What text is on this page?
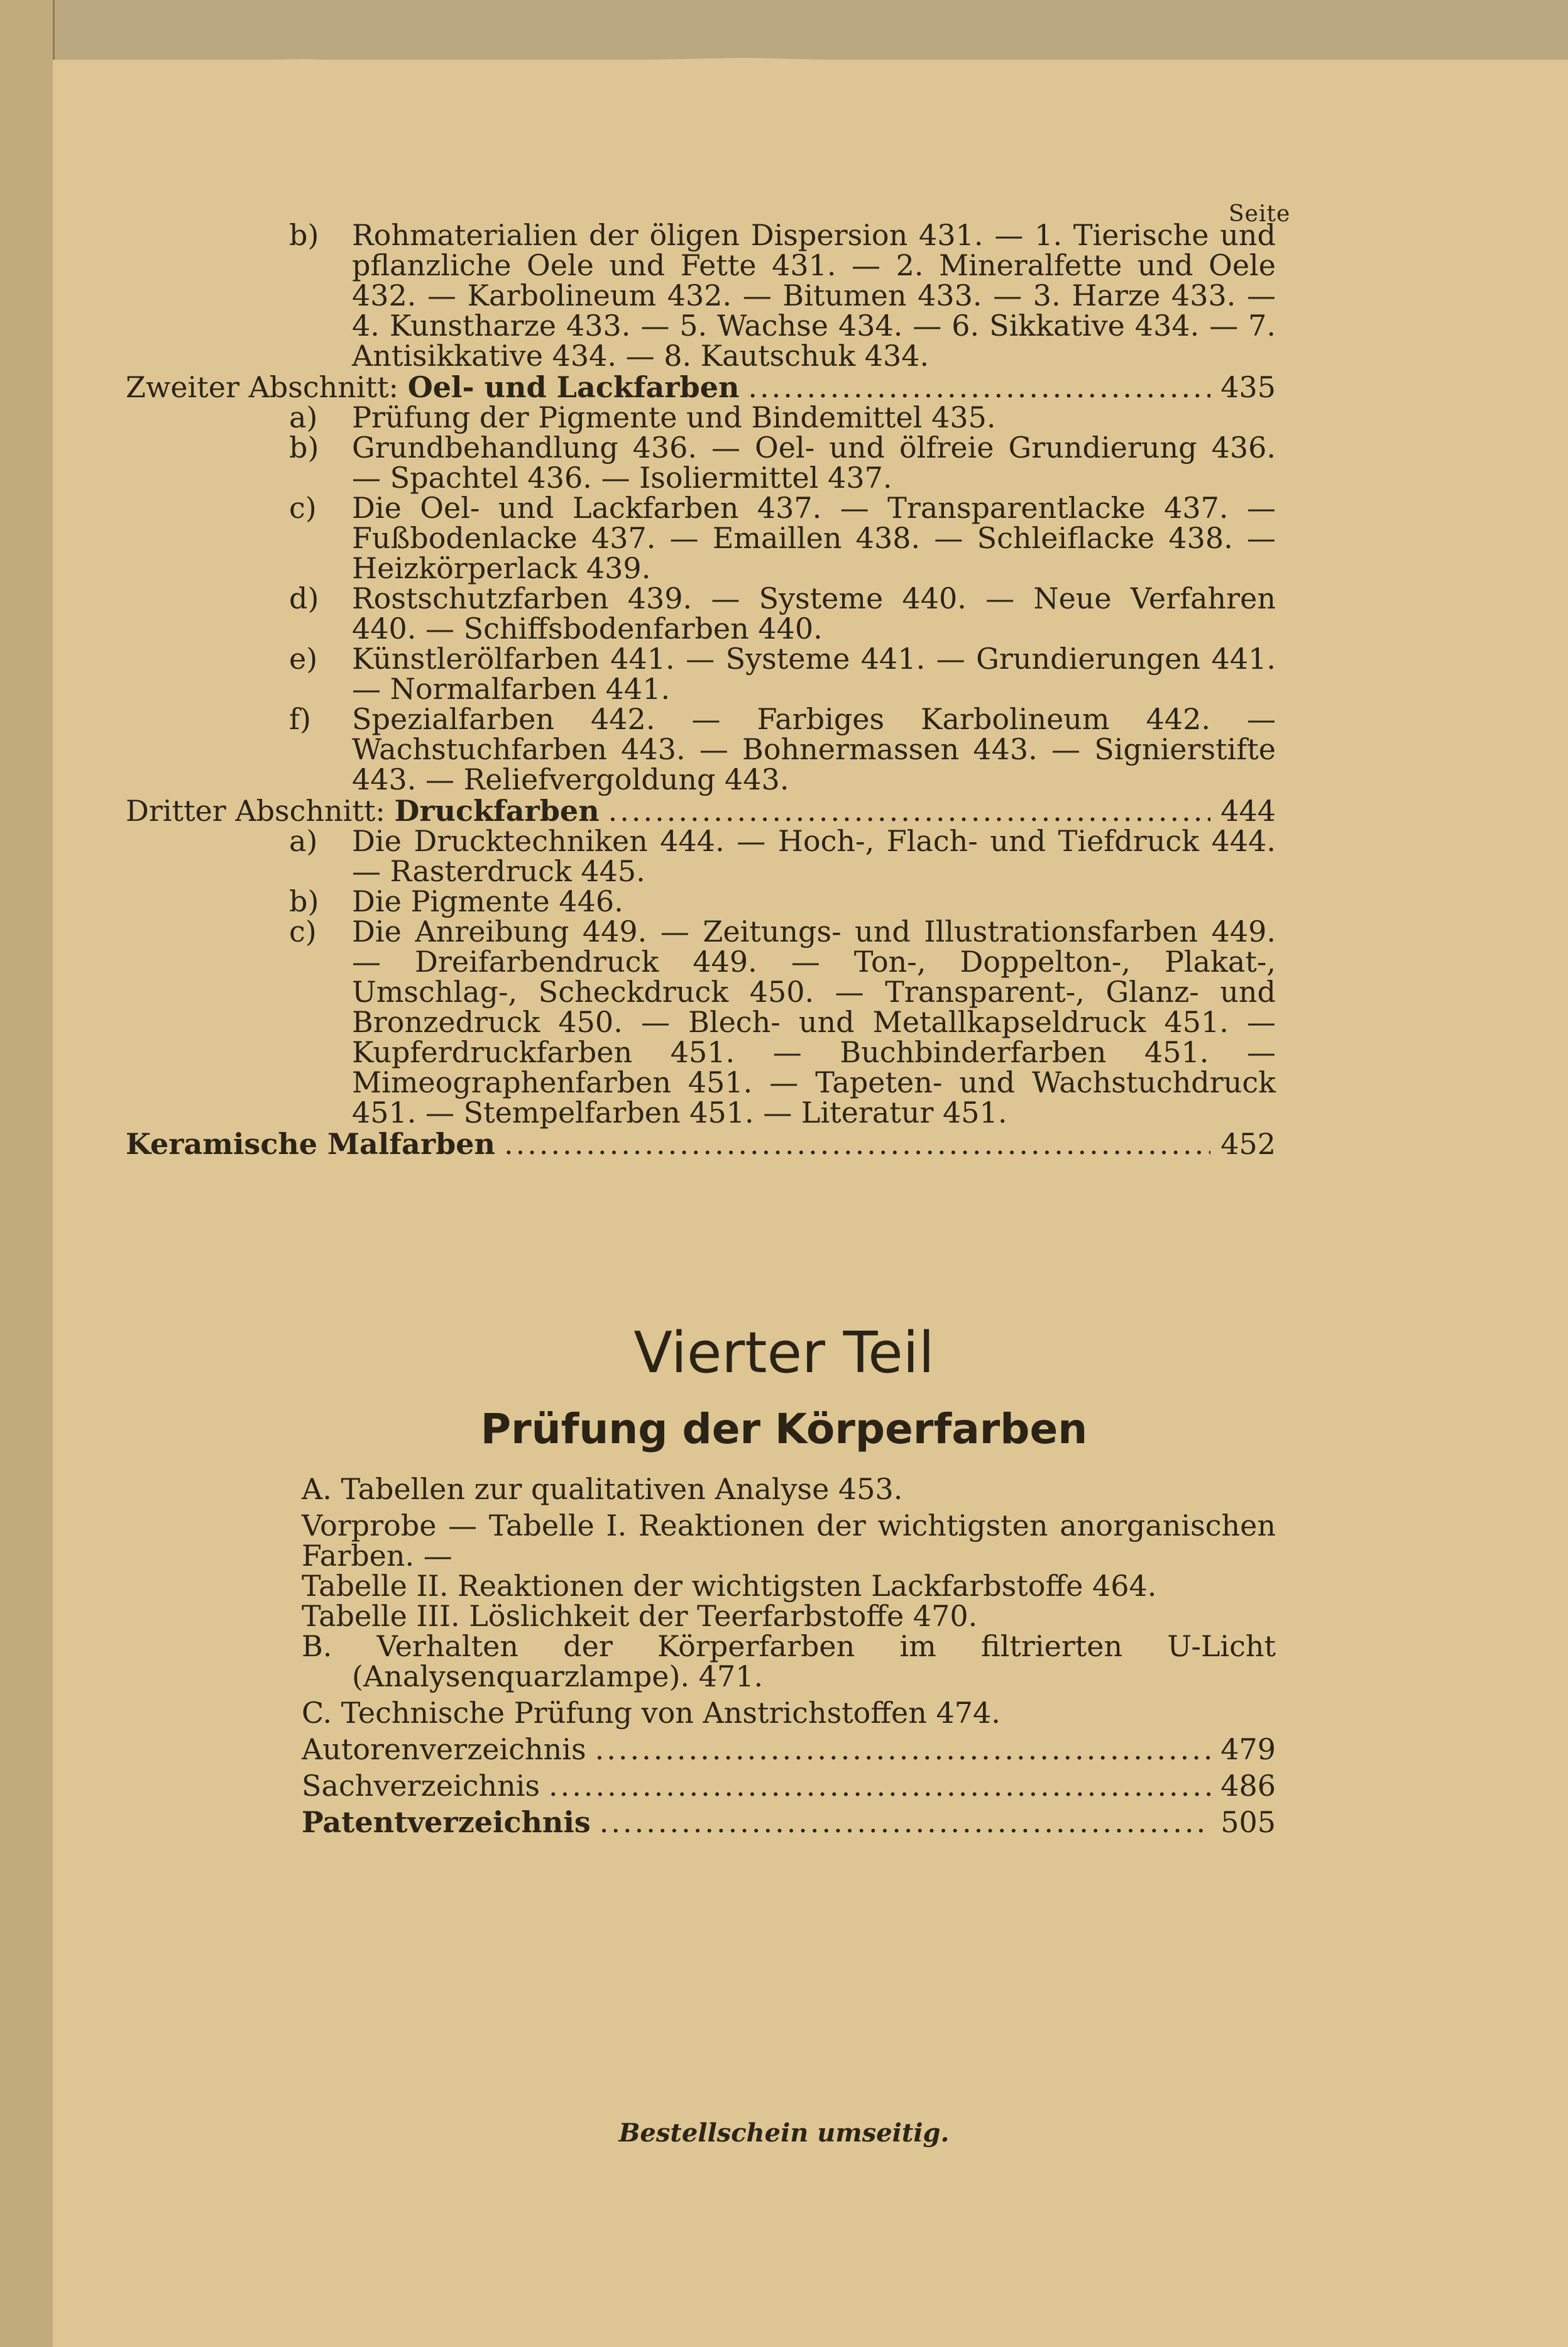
Seite

b) Rohmaterialien der öligen Dispersion 431. — 1. Tierische und pflanzliche Oele und Fette 431. — 2. Mineralfette und Oele 432. — Karbolineum 432. — Bitumen 433. — 3. Harze 433. — 4. Kunstharze 433. — 5. Wachse 434. — 6. Sikkative 434. — 7. Antisikkative 434. — 8. Kautschuk 434.

Zweiter Abschnitt: Oel- und Lackfarben .....	435

a) Prüfung der Pigmente und Bindemittel 435.

b) Grundbehandlung 436. — Oel- und ölfreie Grundierung 436. — Spachtel 436. — Isoliermittel 437.

c) Die Oel- und Lackfarben 437. — Transparentlacke 437. — Fußbodenlacke 437. — Emaillen 438. — Schleiflacke 438. — Heizkörperlack 439.

d) Rostschutzfarben 439. — Systeme 440. — Neue Verfahren 440. — Schiffsbodenfarben 440.

e) Künstlerölfarben 441. — Systeme 441. — Grundierungen 441. — Normalfarben 441.

f) Spezialfarben 442. — Farbiges Karbolineum 442. — Wachstuchfarben 443. — Bohnermassen 443. — Signierstifte 443. — Reliefvergoldung 443.

Dritter Abschnitt: Druckfarben .....	444

a) Die Drucktechniken 444. — Hoch-, Flach- und Tiefdruck 444. — Rasterdruck 445.

b) Die Pigmente 446.

c) Die Anreibung 449. — Zeitungs- und Illustrationsfarben 449. — Dreifarbendruck 449. — Ton-, Doppelton-, Plakat-, Umschlag-, Scheckdruck 450. — Transparent-, Glanz- und Bronzedruck 450. — Blech- und Metallkapseldruck 451. — Kupferdruckfarben 451. — Buchbinderfarben 451. — Mimeographenfarben 451. — Tapeten- und Wachstuchdruck 451. — Stempelfarben 451. — Literatur 451.

Keramische Malfarben .....	452
Vierter Teil
Prüfung der Körperfarben

A. Tabellen zur qualitativen Analyse 453.

Vorprobe — Tabelle I. Reaktionen der wichtigsten anorganischen Farben. —

Tabelle II. Reaktionen der wichtigsten Lackfarbstoffe 464.

Tabelle III. Löslichkeit der Teerfarbstoffe 470.

B. Verhalten der Körperfarben im filtrierten U-Licht (Analysenquarzlampe). 471.

C. Technische Prüfung von Anstrichstoffen 474.

Autorenverzeichnis .....	479
Sachverzeichnis .....	486
Patentverzeichnis .....	505
Bestellschein umseitig.
